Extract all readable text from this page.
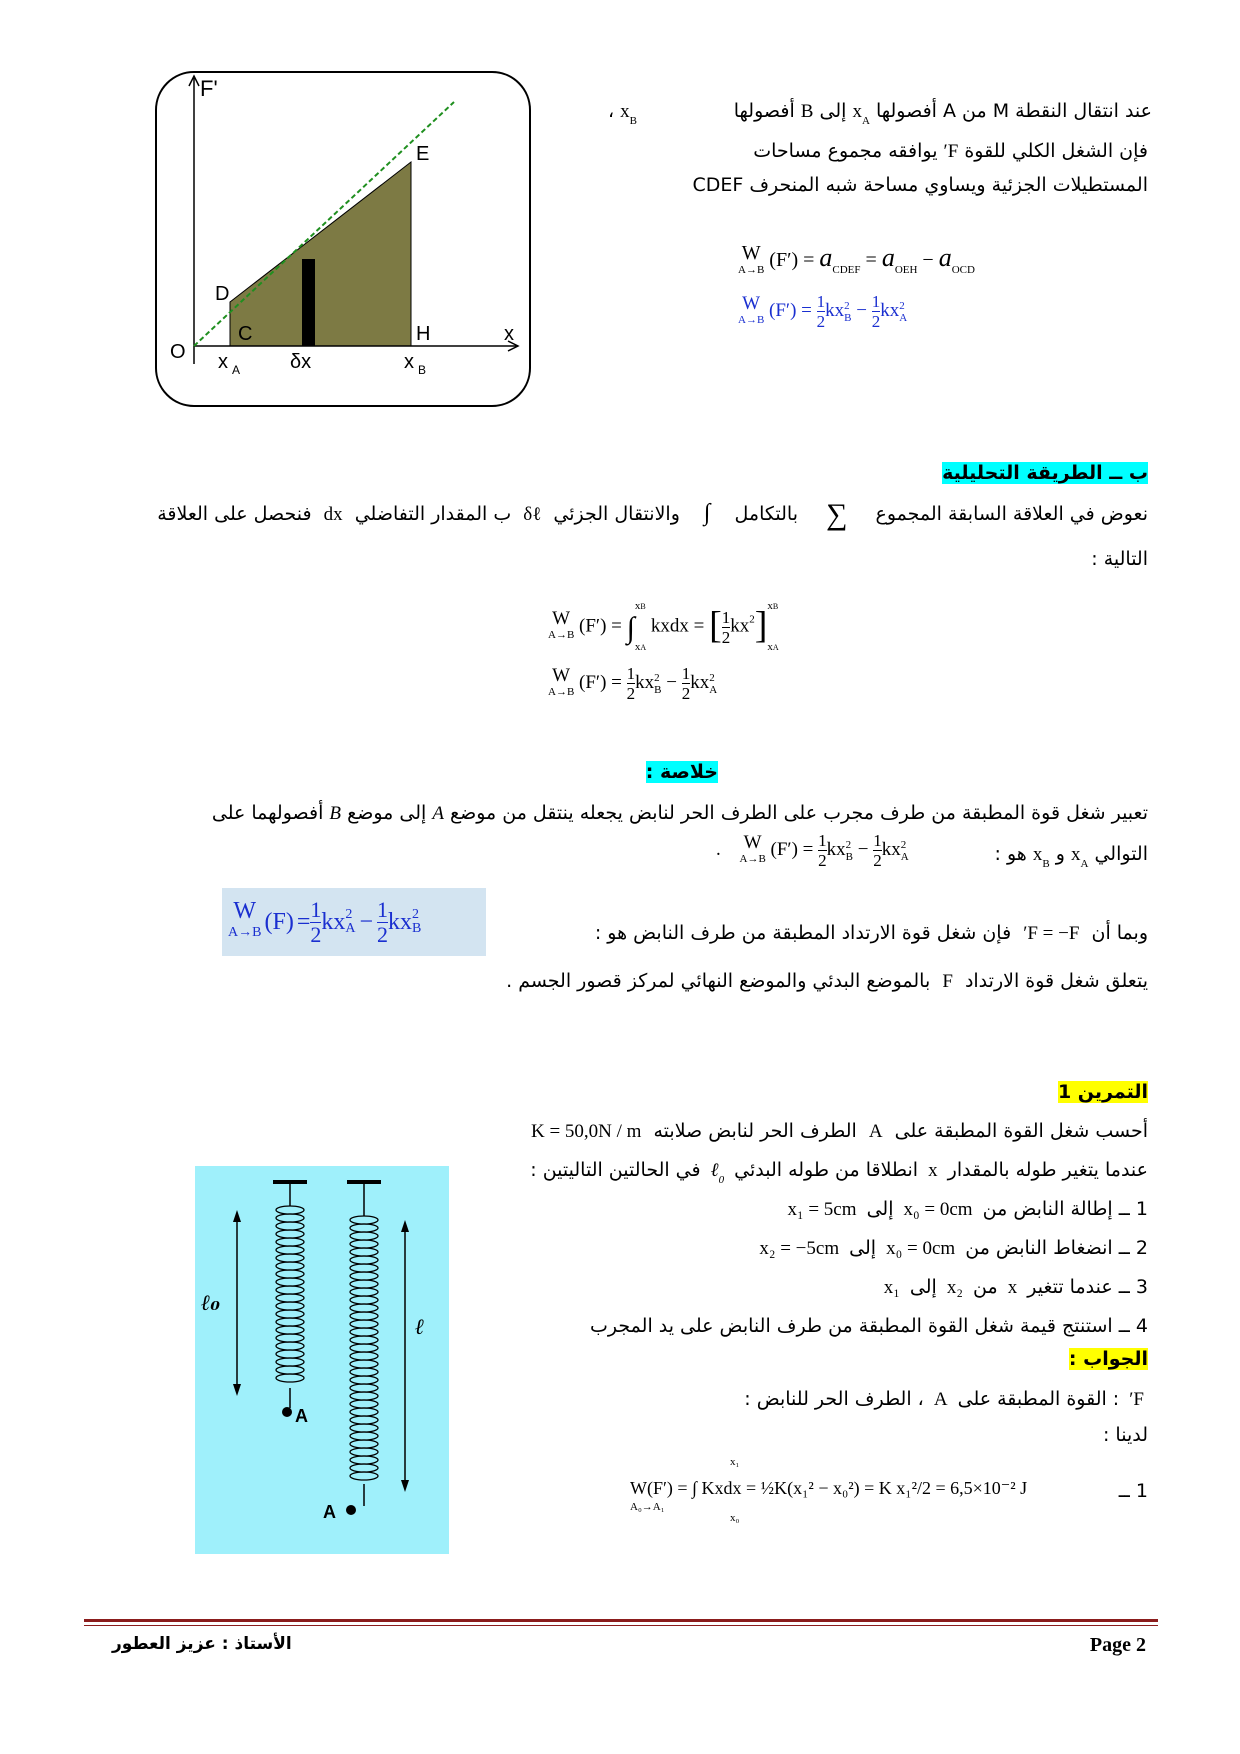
F'
x
O
D
C
E
H
x A δx	x B
عند انتقال النقطة M من A أفصولها $x_A$ إلى B أفصولها
$x_B$ ،
فإن الشغل الكلي للقوة F′ يوافقه مجموع مساحات
المستطيلات الجزئية ويساوي مساحة شبه المنحرف CDEF
W
A→B $(F') = a_{CDEF} = a_{OEH} - a_{OCD}$
W
A→B $(F') = \frac{1}{2} kx2$
$B - \frac{1}{2} kx2$
A
ب ــ الطريقة التحليلية
نعوض في العلاقة السابقة المجموع ∑ بالتكامل ∫ والانتقال الجزئي δℓ ب المقدار التفاضلي dx فنحصل على العلاقة
التالية :
W
A→B (F′) = ∫xB

xA kxdx = [ $\frac{1}{2} kx^2]xB$

xA
W
A→B $(F') = \frac{1}{2} kx2$
$B - \frac{1}{2} kx2$
A
خلاصة :
تعبير شغل قوة المطبقة من طرف مجرب على الطرف الحر لنابض يجعله ينتقل من موضع A إلى موضع B أفصولهما على
التوالي $x_A$ و $x_B$ هو :
. W
A→B $(F') = \frac{1}{2} kx2$
$B - \frac{1}{2} kx2$
A
وبما أن F = −F′ فإن شغل قوة الارتداد المطبقة من طرف النابض هو :
W
A→B $(F) = \frac{1}{2}$ kx 2
$A - \frac{1}{2}$ kx 2
B
يتعلق شغل قوة الارتداد F بالموضع البدئي والموضع النهائي لمركز قصور الجسم .
التمرين 1
أحسب شغل القوة المطبقة على A الطرف الحر لنابض صلابته K = 50,0N / m
عندما يتغير طوله بالمقدار x انطلاقا من طوله البدئي ℓ$_0$ في الحالتين التاليتين :
1 ــ إطالة النابض من x₀ = 0cm إلى x₁ = 5cm
2 ــ انضغاط النابض من x₀ = 0cm إلى x₂ = −5cm
3 ــ عندما تتغير x من x₂ إلى x₁
4 ــ استنتج قيمة شغل القوة المطبقة من طرف النابض على يد المجرب
الجواب :
F′ : القوة المطبقة على A ، الطرف الحر للنابض :
لدينا :
1 ــ
W(F′) = ∫ Kxdx = ½K(x₁² − x₀²) = K x₁²/2 = 6,5×10⁻² J
A₀→A₁
x₁
x₀
A
A
ℓ₀
ℓ
Page 2
الأستاذ : عزيز العطور
